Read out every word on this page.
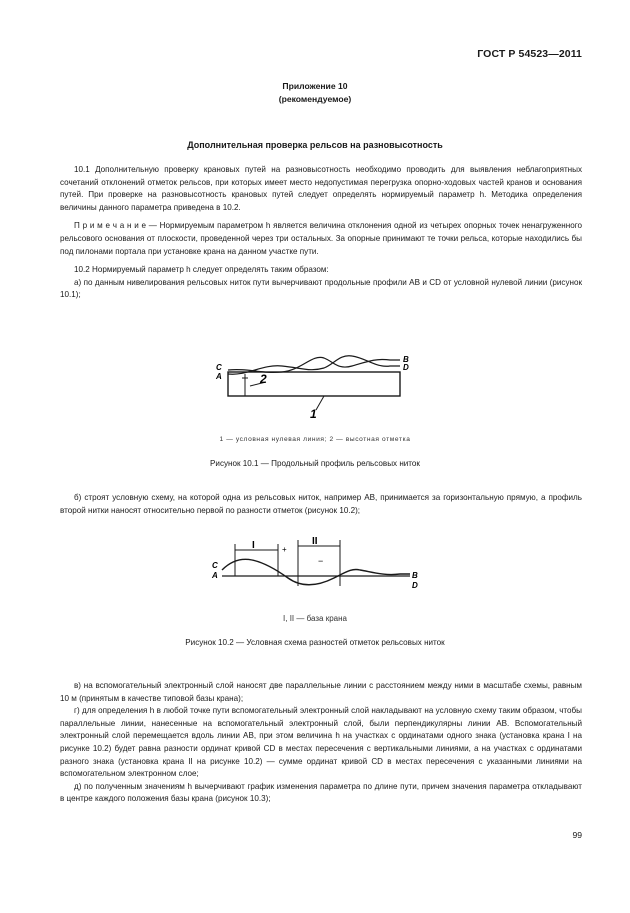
ГОСТ Р 54523—2011
Приложение 10
(рекомендуемое)
Дополнительная проверка рельсов на разновысотность

10.1 Дополнительную проверку крановых путей на разновысотность необходимо проводить для выявления неблагоприятных сочетаний отклонений отметок рельсов, при которых имеет место недопустимая перегрузка опорно-ходовых частей кранов и основания путей. При проверке на разновысотность крановых путей следует определять нормируемый параметр h. Методика определения величины данного параметра приведена в 10.2.

П р и м е ч а н и е — Нормируемым параметром h является величина отклонения одной из четырех опорных точек ненагруженного рельсового основания от плоскости, проведенной через три остальных. За опорные принимают те точки рельса, которые находились бы под пилонами портала при установке крана на данном участке пути.

10.2 Нормируемый параметр h следует определять таким образом:

а) по данным нивелирования рельсовых ниток пути вычерчивают продольные профили AB и CD от условной нулевой линии (рисунок 10.1);

C
A
B
D
2
1
1 — условная нулевая линия; 2 — высотная отметка
Рисунок 10.1 — Продольный профиль рельсовых ниток

б) строят условную схему, на которой одна из рельсовых ниток, например AB, принимается за горизонтальную прямую, а профиль второй нитки наносят относительно первой по разности отметок (рисунок 10.2);

I	II
+
−
C
A	B
D
I, II — база крана
Рисунок 10.2 — Условная схема разностей отметок рельсовых ниток

в) на вспомогательный электронный слой наносят две параллельные линии с расстоянием между ними в масштабе схемы, равным 10 м (принятым в качестве типовой базы крана);

г) для определения h в любой точке пути вспомогательный электронный слой накладывают на условную схему таким образом, чтобы параллельные линии, нанесенные на вспомогательный электронный слой, были перпендикулярны линии AB. Вспомогательный электронный слой перемещается вдоль линии AB, при этом величина h на участках с ординатами одного знака (установка крана I на рисунке 10.2) будет равна разности ординат кривой CD в местах пересечения с вертикальными линиями, а на участках с ординатами разного знака (установка крана II на рисунке 10.2) — сумме ординат кривой CD в местах пересечения с указанными линиями на вспомогательном электронном слое;

д) по полученным значениям h вычерчивают график изменения параметра по длине пути, причем значения параметра откладывают в центре каждого положения базы крана (рисунок 10.3);

99
